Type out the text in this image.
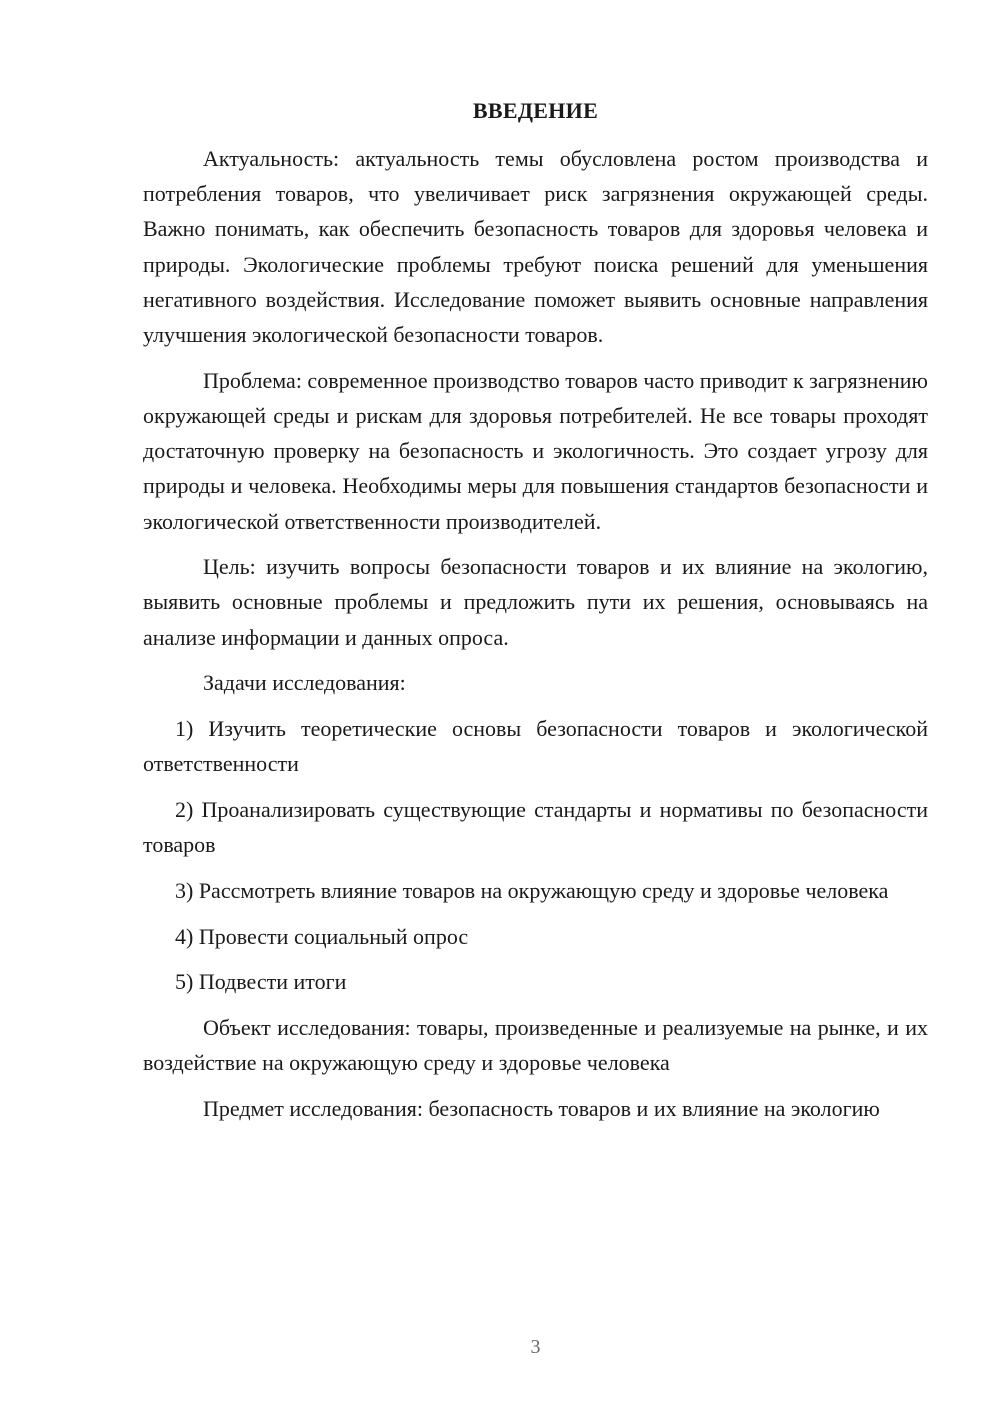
ВВЕДЕНИЕ

Актуальность: актуальность темы обусловлена ростом производства и потребления товаров, что увеличивает риск загрязнения окружающей среды. Важно понимать, как обеспечить безопасность товаров для здоровья человека и природы. Экологические проблемы требуют поиска решений для уменьшения негативного воздействия. Исследование поможет выявить основные направления улучшения экологической безопасности товаров.

Проблема: современное производство товаров часто приводит к загрязнению окружающей среды и рискам для здоровья потребителей. Не все товары проходят достаточную проверку на безопасность и экологичность. Это создает угрозу для природы и человека. Необходимы меры для повышения стандартов безопасности и экологической ответственности производителей.

Цель: изучить вопросы безопасности товаров и их влияние на экологию, выявить основные проблемы и предложить пути их решения, основываясь на анализе информации и данных опроса.

Задачи исследования:

1) Изучить теоретические основы безопасности товаров и экологической ответственности

2) Проанализировать существующие стандарты и нормативы по безопасности товаров

3) Рассмотреть влияние товаров на окружающую среду и здоровье человека

4) Провести социальный опрос

5) Подвести итоги

Объект исследования: товары, произведенные и реализуемые на рынке, и их воздействие на окружающую среду и здоровье человека

Предмет исследования: безопасность товаров и их влияние на экологию

3
